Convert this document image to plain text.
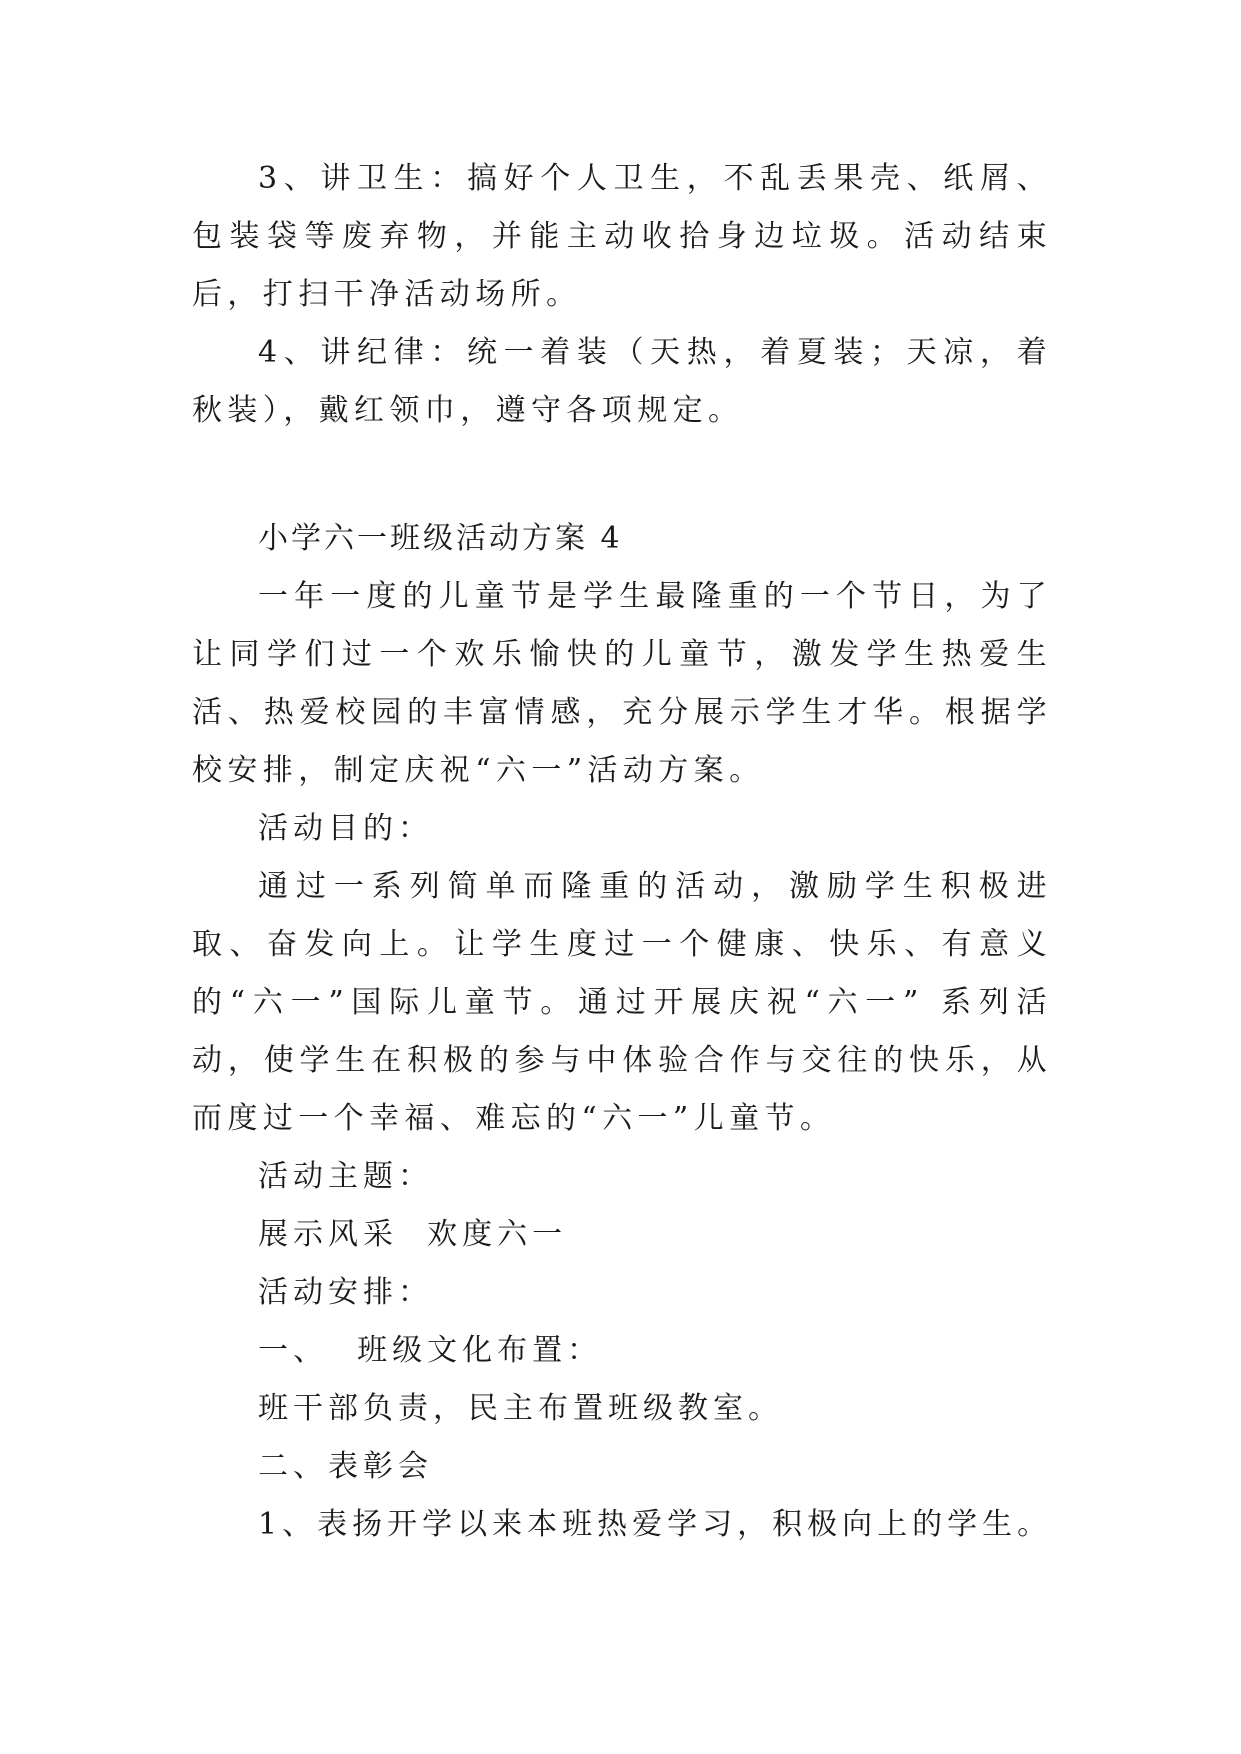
3、讲卫生：搞好个人卫生，不乱丢果壳、纸屑、包装袋等废弃物，并能主动收拾身边垃圾。活动结束后，打扫干净活动场所。

4、讲纪律：统一着装（天热，着夏装；天凉，着秋装），戴红领巾，遵守各项规定。

小学六一班级活动方案 4

一年一度的儿童节是学生最隆重的一个节日，为了让同学们过一个欢乐愉快的儿童节，激发学生热爱生活、热爱校园的丰富情感，充分展示学生才华。根据学校安排，制定庆祝“六一”活动方案。

活动目的：

通过一系列简单而隆重的活动，激励学生积极进取、奋发向上。让学生度过一个健康、快乐、有意义的“六一”国际儿童节。通过开展庆祝“六一” 系列活动，使学生在积极的参与中体验合作与交往的快乐，从而度过一个幸福、难忘的“六一”儿童节。

活动主题：

展示风采  欢度六一

活动安排：

一、  班级文化布置：

班干部负责，民主布置班级教室。

二、表彰会

1、表扬开学以来本班热爱学习，积极向上的学生。
